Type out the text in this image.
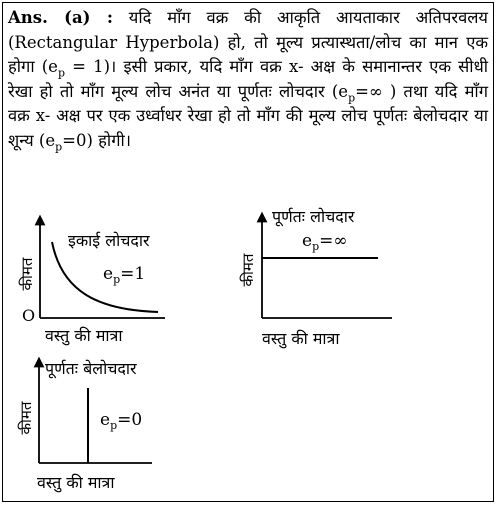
Ans. (a) : यदि माँग वक्र की आकृति आयताकार अतिपरवलय (Rectangular Hyperbola) हो, तो मूल्य प्रत्यास्थता/लोच का मान एक होगा ($e_p$ = 1)। इसी प्रकार, यदि माँग वक्र x- अक्ष के समानान्तर एक सीधी रेखा हो तो माँग मूल्य लोच अनंत या पूर्णतः लोचदार ($e_p=\infty$ ) तथा यदि माँग वक्र x- अक्ष पर एक उर्ध्वाधर रेखा हो तो माँग की मूल्य लोच पूर्णतः बेलोचदार या शून्य $(e_p=0)$ होगी।
इकाई लोचदार
$e_p=1$
कीमत
O
वस्तु की मात्रा
पूर्णतः लोचदार
$e_p=\infty$
कीमत
वस्तु की मात्रा
पूर्णतः बेलोचदार
$e_p=0$
कीमत
वस्तु की मात्रा
